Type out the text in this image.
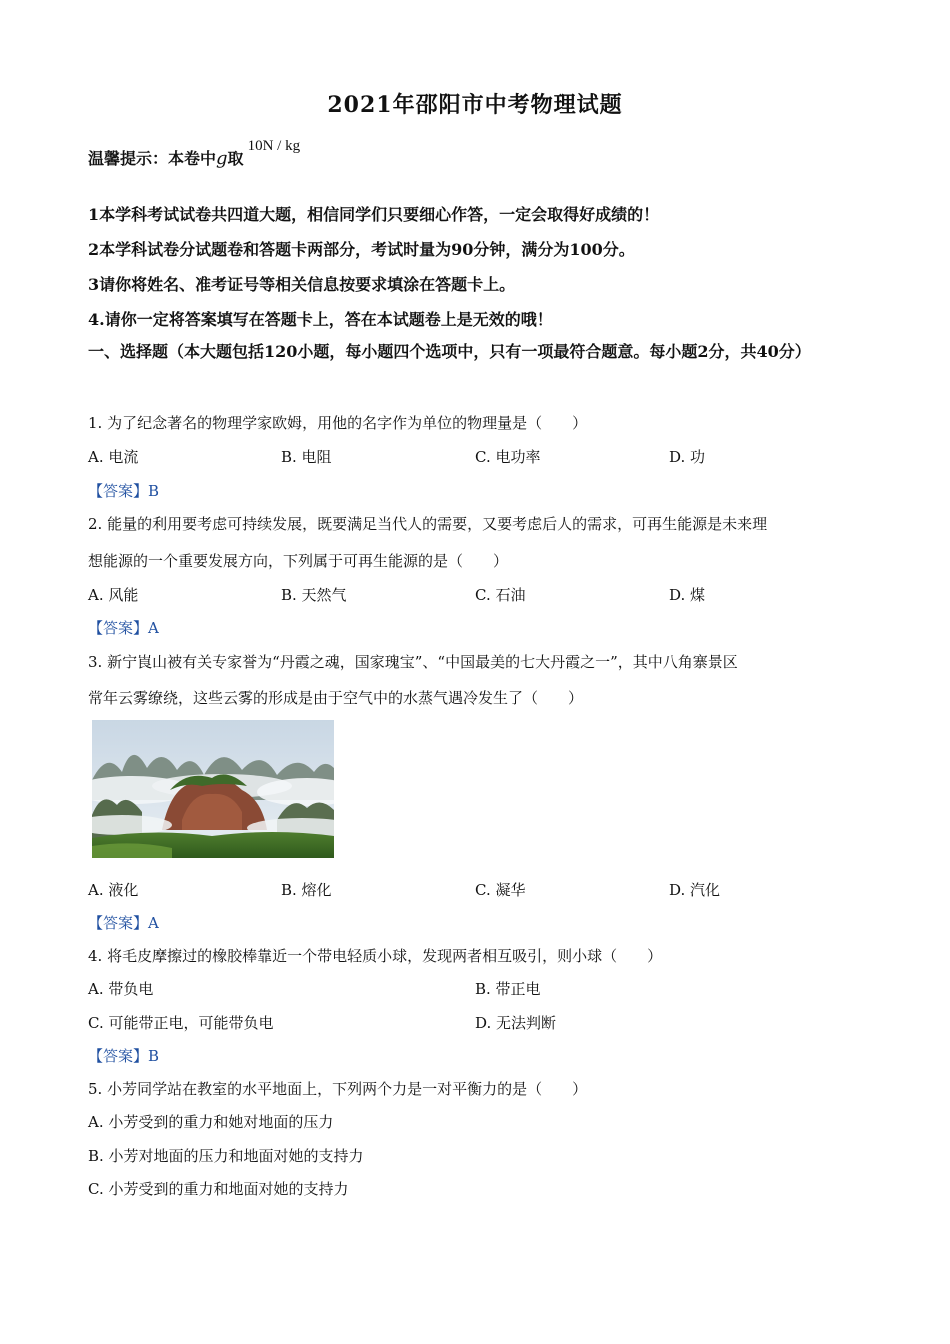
2021年邵阳市中考物理试题
温馨提示：本卷中g取10N / kg
1本学科考试试卷共四道大题，相信同学们只要细心作答，一定会取得好成绩的！
2本学科试卷分试题卷和答题卡两部分，考试时量为90分钟，满分为100分。
3请你将姓名、准考证号等相关信息按要求填涂在答题卡上。
4.请你一定将答案填写在答题卡上，答在本试题卷上是无效的哦！
一、选择题（本大题包括120小题，每小题四个选项中，只有一项最符合题意。每小题2分，共40分）
1. 为了纪念著名的物理学家欧姆，用他的名字作为单位的物理量是（　　）
A. 电流	B. 电阻	C. 电功率	D. 功
【答案】B
2. 能量的利用要考虑可持续发展，既要满足当代人的需要，又要考虑后人的需求，可再生能源是未来理
想能源的一个重要发展方向，下列属于可再生能源的是（　　）
A. 风能	B. 天然气	C. 石油	D. 煤
【答案】A
3. 新宁崀山被有关专家誉为“丹霞之魂，国家瑰宝”、“中国最美的七大丹霞之一”，其中八角寨景区
常年云雾缭绕，这些云雾的形成是由于空气中的水蒸气遇冷发生了（　　）
A. 液化	B. 熔化	C. 凝华	D. 汽化
【答案】A
4. 将毛皮摩擦过的橡胶棒靠近一个带电轻质小球，发现两者相互吸引，则小球（　　）
A. 带负电	B. 带正电
C. 可能带正电，可能带负电	D. 无法判断
【答案】B
5. 小芳同学站在教室的水平地面上，下列两个力是一对平衡力的是（　　）
A. 小芳受到的重力和她对地面的压力
B. 小芳对地面的压力和地面对她的支持力
C. 小芳受到的重力和地面对她的支持力
